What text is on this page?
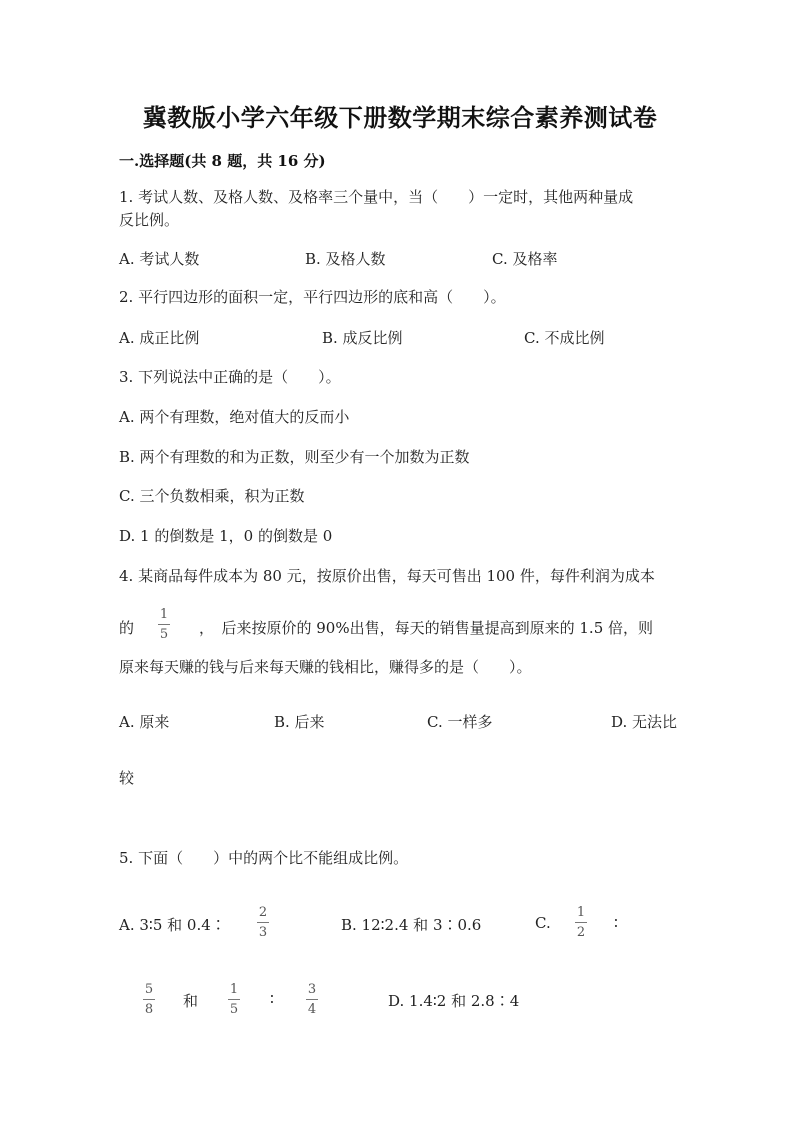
冀教版小学六年级下册数学期末综合素养测试卷
一.选择题(共 8 题，共 16 分)
1. 考试人数、及格人数、及格率三个量中，当（　　）一定时，其他两种量成
反比例。
A. 考试人数	B. 及格人数	C. 及格率
2. 平行四边形的面积一定，平行四边形的底和高（　　）。
A. 成正比例	B. 成反比例	C. 不成比例
3. 下列说法中正确的是（　　）。
A. 两个有理数，绝对值大的反而小
B. 两个有理数的和为正数，则至少有一个加数为正数
C. 三个负数相乘，积为正数
D. 1 的倒数是 1，0 的倒数是 0
4. 某商品每件成本为 80 元，按原价出售，每天可售出 100 件，每件利润为成本
的
1
5 ，　后来按原价的 90%出售，每天的销售量提高到原来的 1.5 倍，则
原来每天赚的钱与后来每天赚的钱相比，赚得多的是（　　）。
A. 原来	B. 后来	C. 一样多	D. 无法比
较
5. 下面（　　）中的两个比不能组成比例。
A. 3∶5 和 0.4∶
2
3	B. 12∶2.4 和 3∶0.6	C.
1
2
∶
5
8 和
1
5
∶
3
4	D. 1.4∶2 和 2.8∶4
